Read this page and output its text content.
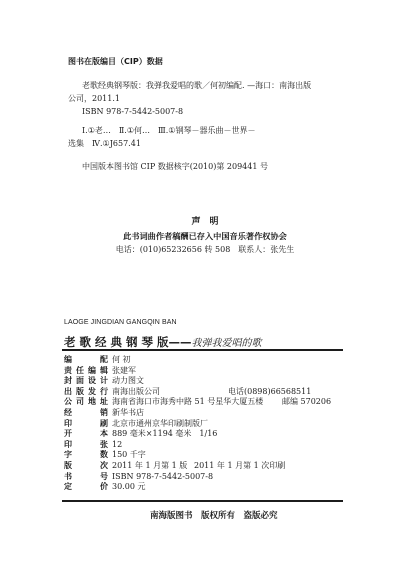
图书在版编目（CIP）数据
老歌经典钢琴版：我弹我爱唱的歌／何初编配. —海口：南海出版
公司，2011.1
ISBN 978-7-5442-5007-8
Ⅰ.①老…　Ⅱ.①何…　Ⅲ.①钢琴－器乐曲－世界－
选集　Ⅳ.①J657.41
中国版本图书馆 CIP 数据核字(2010)第 209441 号
声　明
此书词曲作者稿酬已存入中国音乐著作权协会
电话：(010)65232656 转 508　联系人：张先生
LAOGE JINGDIAN GANGQIN BAN
老 歌 经 典 钢 琴 版——我弹我爱唱的歌
编　　配 何 初
责任编辑 张建军
封面设计 动力图文
出版发行 南海出版公司	电话(0898)66568511
公司地址 海南省海口市海秀中路 51 号星华大厦五楼 邮编 570206
经　　销 新华书店
印　　刷 北京市通州京华印刷制版厂
开　　本 889 毫米×1194 毫米　1/16
印　　张 12
字　　数 150 千字
版　　次 2011 年 1 月第 1 版 2011 年 1 月第 1 次印刷
书　　号 ISBN 978-7-5442-5007-8
定　　价 30.00 元
南海版图书　版权所有　盗版必究
